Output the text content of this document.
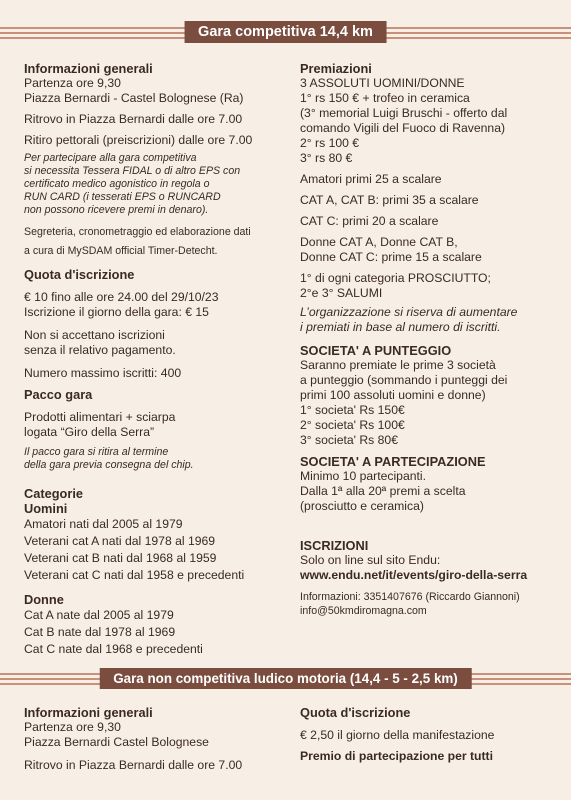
Gara competitiva 14,4 km
Informazioni generali
Partenza ore 9,30
Piazza Bernardi - Castel Bolognese (Ra)
Ritrovo in Piazza Bernardi dalle ore 7.00
Ritiro pettorali (preiscrizioni) dalle ore 7.00
Per partecipare alla gara competitiva
si necessita Tessera FIDAL o di altro EPS con
certificato medico agonistico in regola o
RUN CARD (i tesserati EPS o RUNCARD
non possono ricevere premi in denaro).
Segreteria, cronometraggio ed elaborazione dati
a cura di MySDAM official Timer-Detecht.
Quota d'iscrizione
€ 10 fino alle ore 24.00 del 29/10/23
Iscrizione il giorno della gara: € 15
Non si accettano iscrizioni
senza il relativo pagamento.
Numero massimo iscritti: 400
Pacco gara
Prodotti alimentari + sciarpa
logata “Giro della Serra”
Il pacco gara si ritira al termine
della gara previa consegna del chip.
Categorie
Uomini
Amatori nati dal 2005 al 1979
Veterani cat A nati dal 1978 al 1969
Veterani cat B nati dal 1968 al 1959
Veterani cat C nati dal 1958 e precedenti
Donne
Cat A nate dal 2005 al 1979
Cat B nate dal 1978 al 1969
Cat C nate dal 1968 e precedenti
Premiazioni
3 ASSOLUTI UOMINI/DONNE
1° rs 150 € + trofeo in ceramica
(3° memorial Luigi Bruschi - offerto dal
comando Vigili del Fuoco di Ravenna)
2° rs 100 €
3° rs 80 €
Amatori primi 25 a scalare
CAT A, CAT B: primi 35 a scalare
CAT C: primi 20 a scalare
Donne CAT A, Donne CAT B,
Donne CAT C: prime 15 a scalare
1° di ogni categoria PROSCIUTTO;
2°e 3° SALUMI
L’organizzazione si riserva di aumentare
i premiati in base al numero di iscritti.
SOCIETA' A PUNTEGGIO
Saranno premiate le prime 3 società
a punteggio (sommando i punteggi dei
primi 100 assoluti uomini e donne)
1° societa' Rs 150€
2° societa' Rs 100€
3° societa' Rs 80€
SOCIETA' A PARTECIPAZIONE
Minimo 10 partecipanti.
Dalla 1ª alla 20ª premi a scelta
(prosciutto e ceramica)
ISCRIZIONI
Solo on line sul sito Endu:
www.endu.net/it/events/giro-della-serra
Informazioni: 3351407676 (Riccardo Giannoni)
info@50kmdiromagna.com
Gara non competitiva ludico motoria (14,4 - 5 - 2,5 km)
Informazioni generali
Partenza ore 9,30
Piazza Bernardi Castel Bolognese
Ritrovo in Piazza Bernardi dalle ore 7.00
Quota d'iscrizione
€ 2,50 il giorno della manifestazione
Premio di partecipazione per tutti
